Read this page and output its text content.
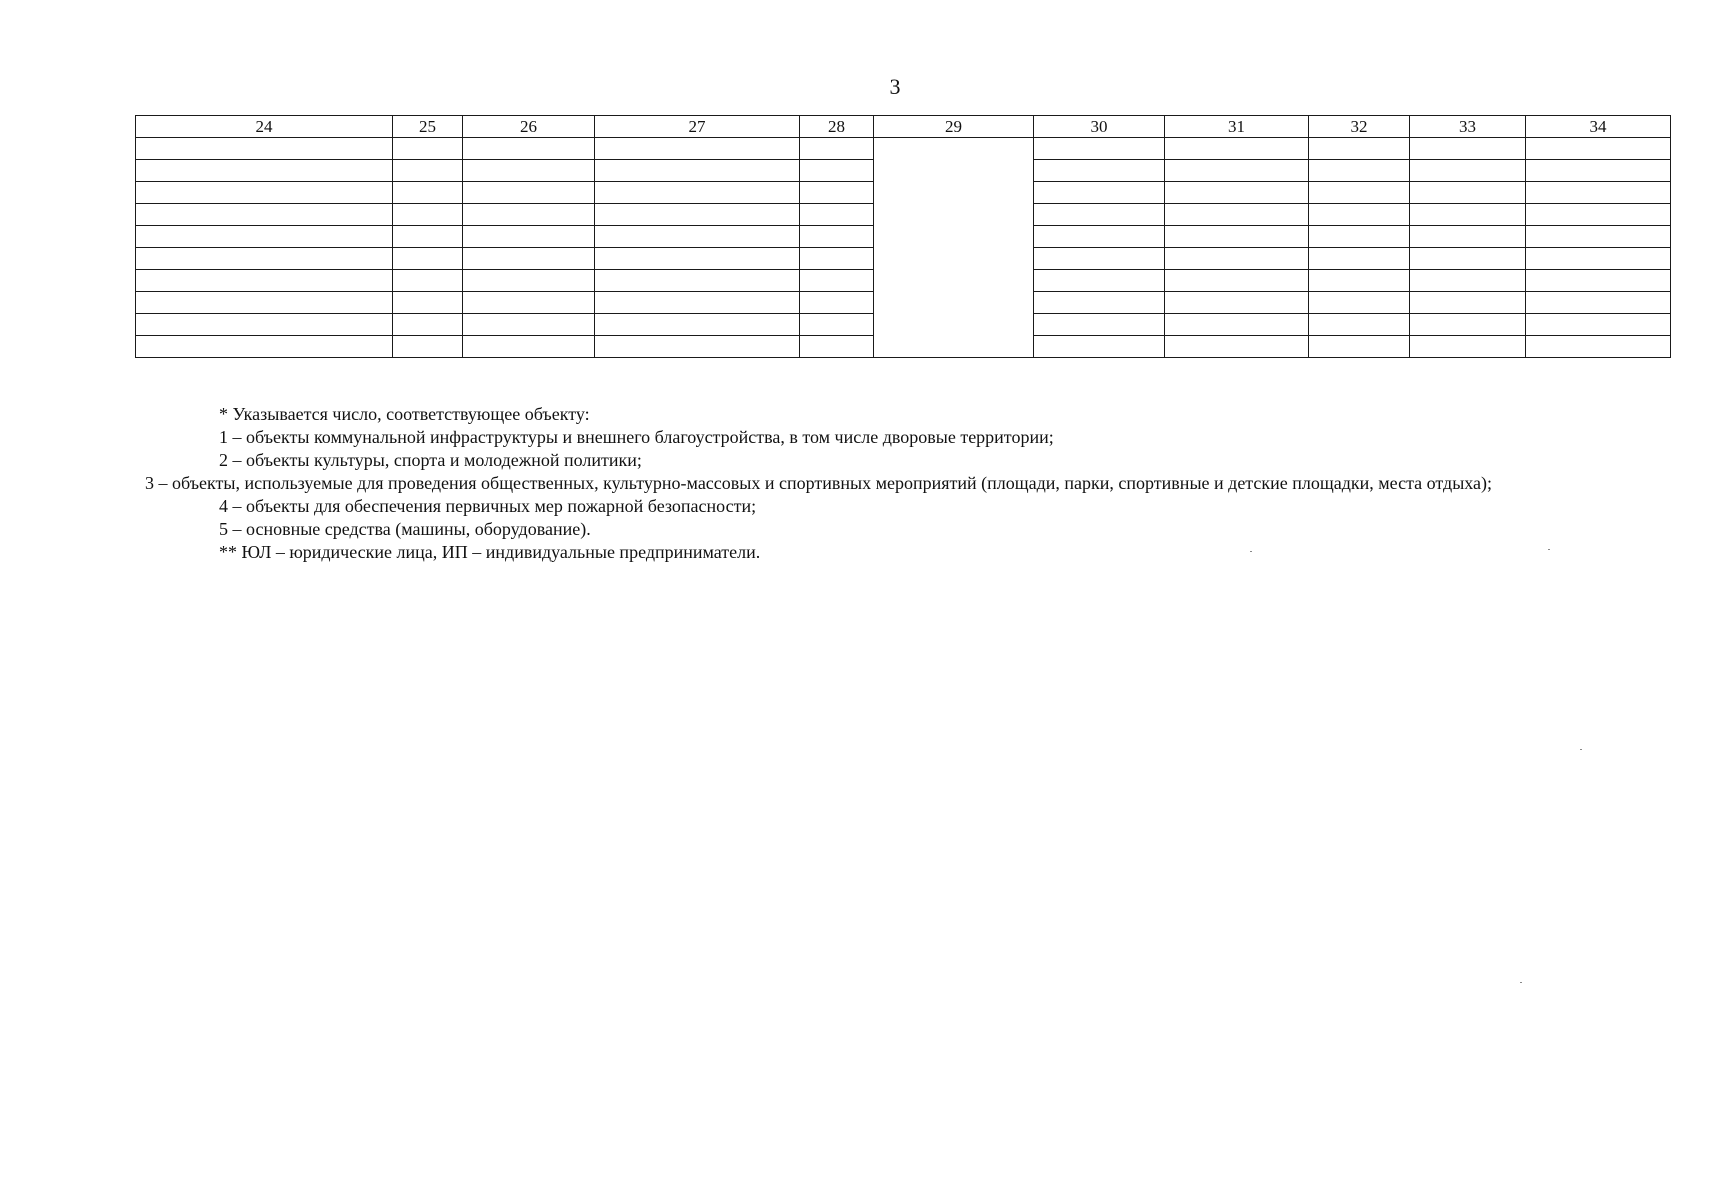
3
24	25	26	27	28	29	30	31	32	33	34

* Указывается число, соответствующее объекту:

1 – объекты коммунальной инфраструктуры и внешнего благоустройства, в том числе дворовые территории;

2 – объекты культуры, спорта и молодежной политики;

3 – объекты, используемые для проведения общественных, культурно-массовых и спортивных мероприятий (площади, парки, спортивные и детские площадки, места отдыха);

4 – объекты для обеспечения первичных мер пожарной безопасности;

5 – основные средства (машины, оборудование).

** ЮЛ – юридические лица, ИП – индивидуальные предприниматели.
